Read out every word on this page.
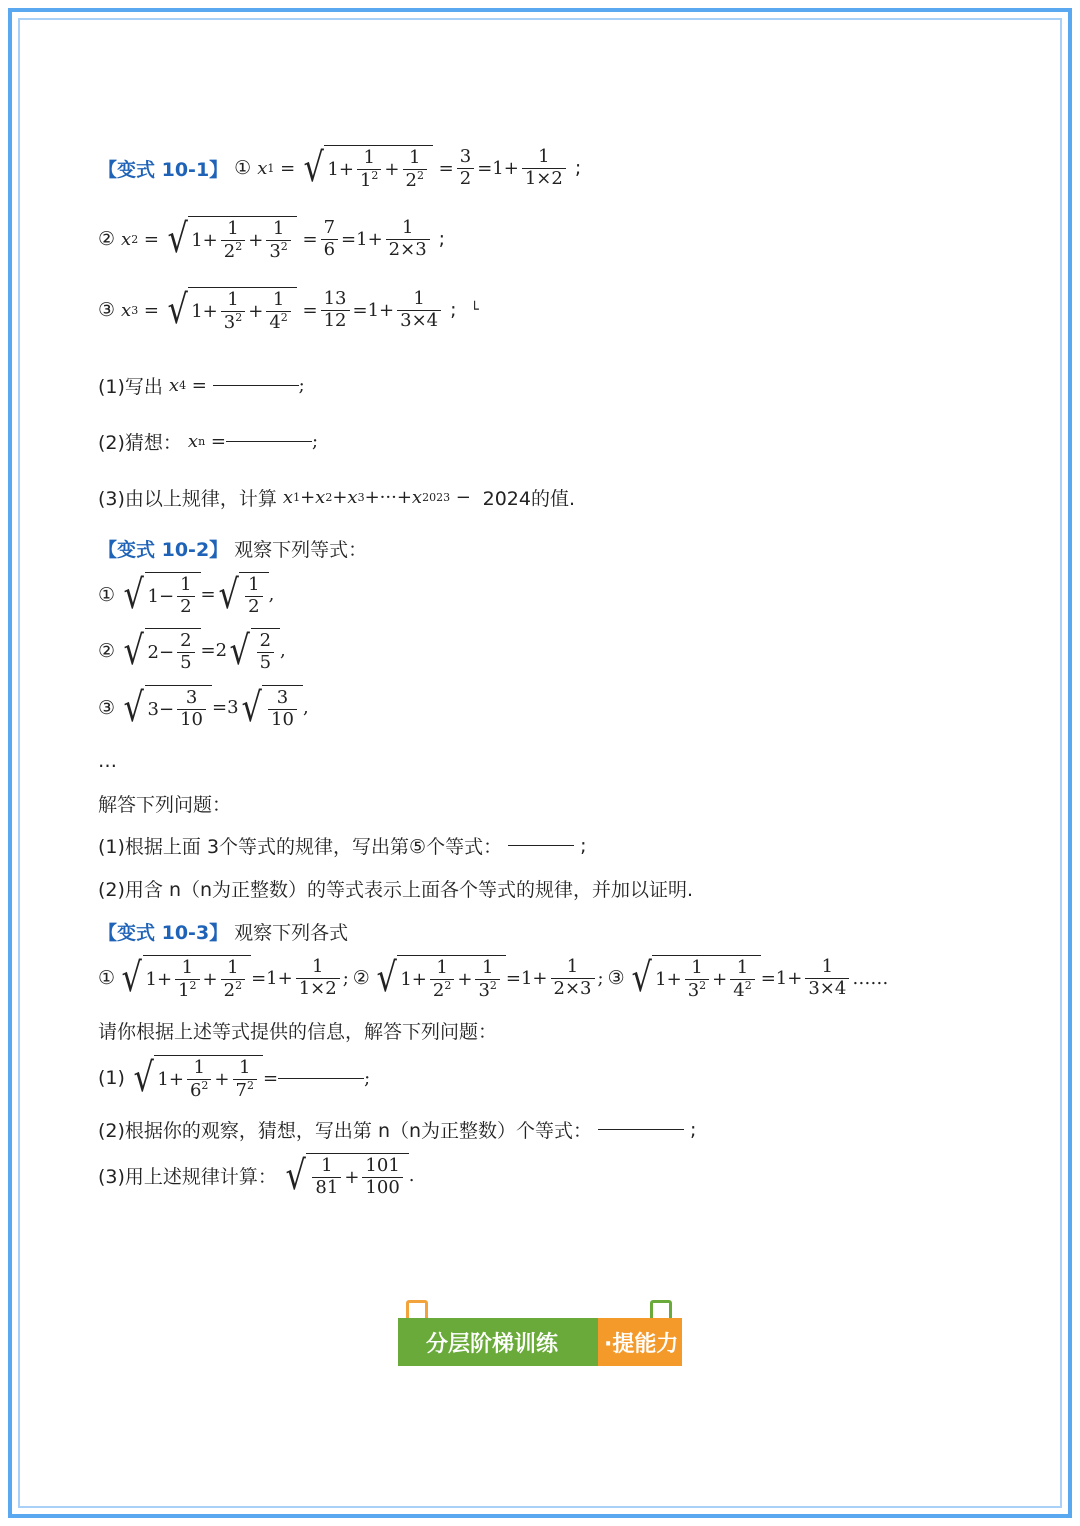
【变式 10-1】 ① x 1 = √ $1+ \frac{1}{1^2} + \frac{1}{2^2} = \frac{3}{2} =1+ \frac{1}{1\times 2}$ ;
② x 2 = √ $1+ \frac{1}{2^2} + \frac{1}{3^2} = \frac{7}{6} =1+ \frac{1}{2\times 3}$ ;
③ x 3 = √ $1+ \frac{1}{3^2} + \frac{1}{4^2} = \frac{13}{12} =1+ \frac{1}{3\times 4}$ ; └
(1)写出 x 4 =	;
(2)猜想： x n =	;
(3)由以上规律，计算 x 1 + x 2 + x 3 +···+ x 2023 − 2024的值.
【变式 10-2】 观察下列等式：
① √ $1- \frac{1}{2}$ = √ $\frac{1}{2}$ ,
② √ $2- \frac{2}{5} =2$ √ $\frac{2}{5}$ ,
③ √ $3- \frac{3}{10} =3$ √ $\frac{3}{10}$ ,
…
解答下列问题：
(1)根据上面 3个等式的规律，写出第⑤个等式：	;
(2)用含 n（n为正整数）的等式表示上面各个等式的规律，并加以证明.
【变式 10-3】 观察下列各式
① √ $1+ \frac{1}{1^2} + \frac{1}{2^2} =1+ \frac{1}{1\times 2}$ ; ② √ $1+ \frac{1}{2^2} + \frac{1}{3^2} =1+ \frac{1}{2\times 3}$ ; ③ √ $1+ \frac{1}{3^2} + \frac{1}{4^2} =1+ \frac{1}{3\times 4}$ ……
请你根据上述等式提供的信息，解答下列问题：
(1) √ $1+ \frac{1}{6^2} + \frac{1}{7^2}$ =	;
(2)根据你的观察，猜想，写出第 n（n为正整数）个等式：	;
(3)用上述规律计算： √ $\frac{1}{81} + \frac{101}{100}$ .
分层阶梯训练	·提能力
